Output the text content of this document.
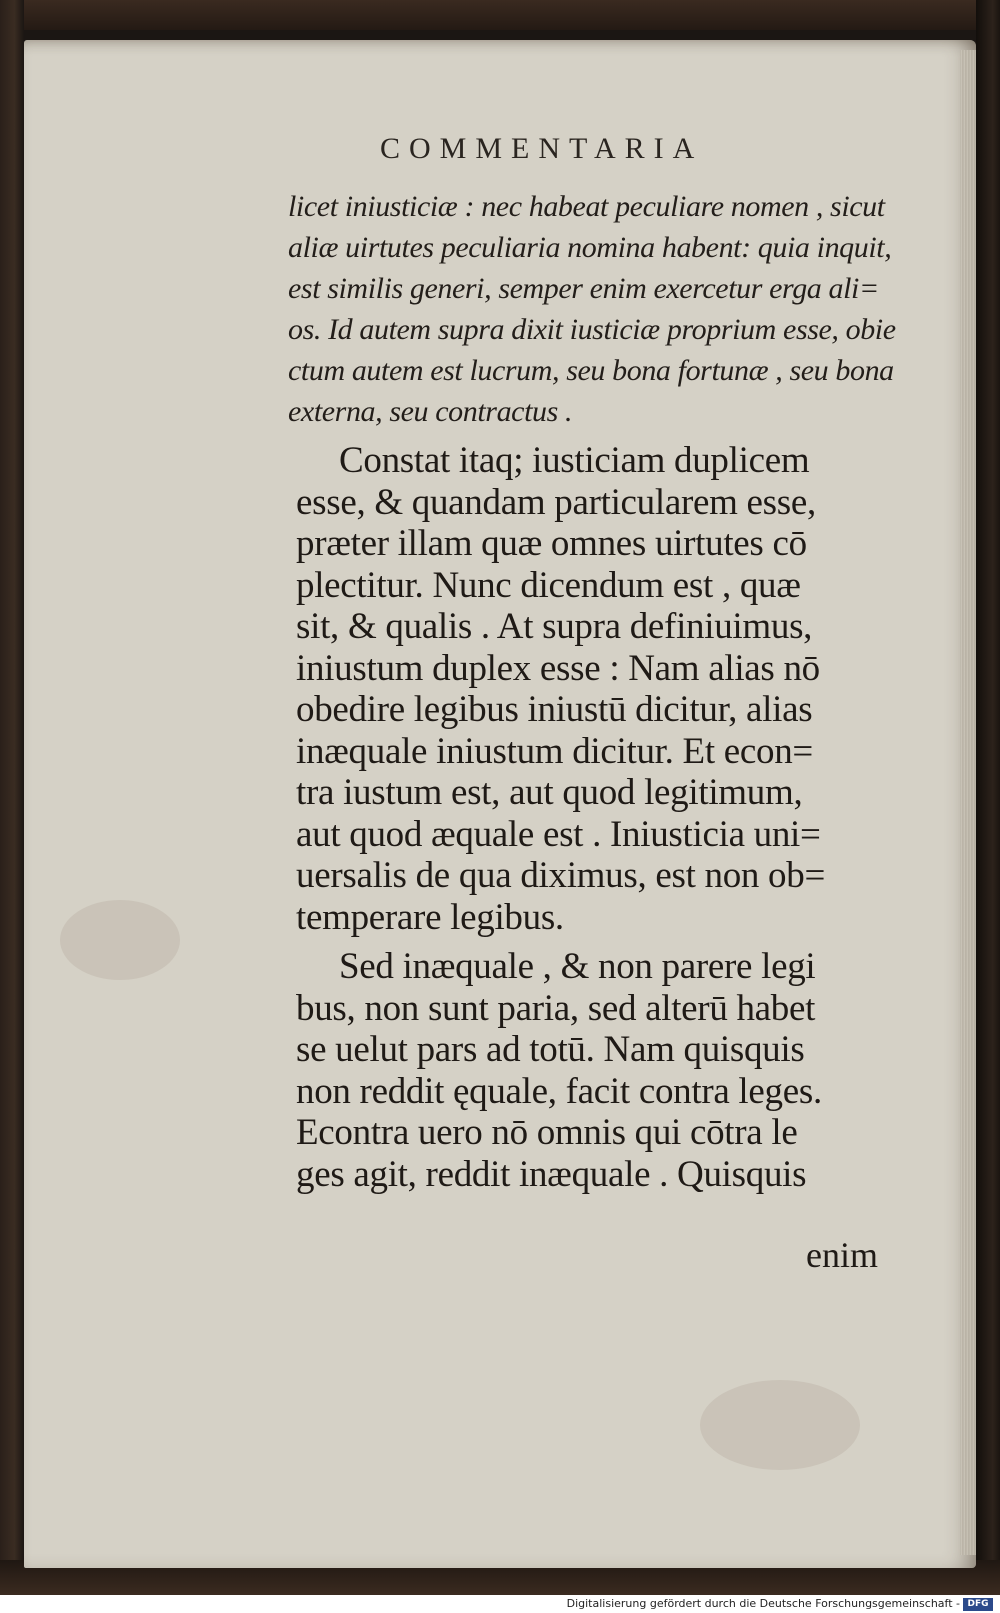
COMMENTARIA
licet iniusticiæ : nec habeat peculiare nomen , sicut
aliæ uirtutes peculiaria nomina habent: quia inquit,
est similis generi, semper enim exercetur erga ali=
os. Id autem supra dixit iusticiæ proprium esse, obie
ctum autem est lucrum, seu bona fortunæ , seu bona
externa, seu contractus .
Constat itaq; iusticiam duplicem
esse, & quandam particularem esse,
præter illam quæ omnes uirtutes cō
plectitur. Nunc dicendum est , quæ
sit, & qualis . At supra definiuimus,
iniustum duplex esse : Nam alias nō
obedire legibus iniustū dicitur, alias
inæquale iniustum dicitur. Et econ=
tra iustum est, aut quod legitimum,
aut quod æquale est . Iniusticia uni=
uersalis de qua diximus, est non ob=
temperare legibus.
Sed inæquale , & non parere legi
bus, non sunt paria, sed alterū habet
se uelut pars ad totū. Nam quisquis
non reddit ęquale, facit contra leges.
Econtra uero nō omnis qui cōtra le
ges agit, reddit inæquale . Quisquis
enim
Digitalisierung gefördert durch die Deutsche Forschungsgemeinschaft - DFG
